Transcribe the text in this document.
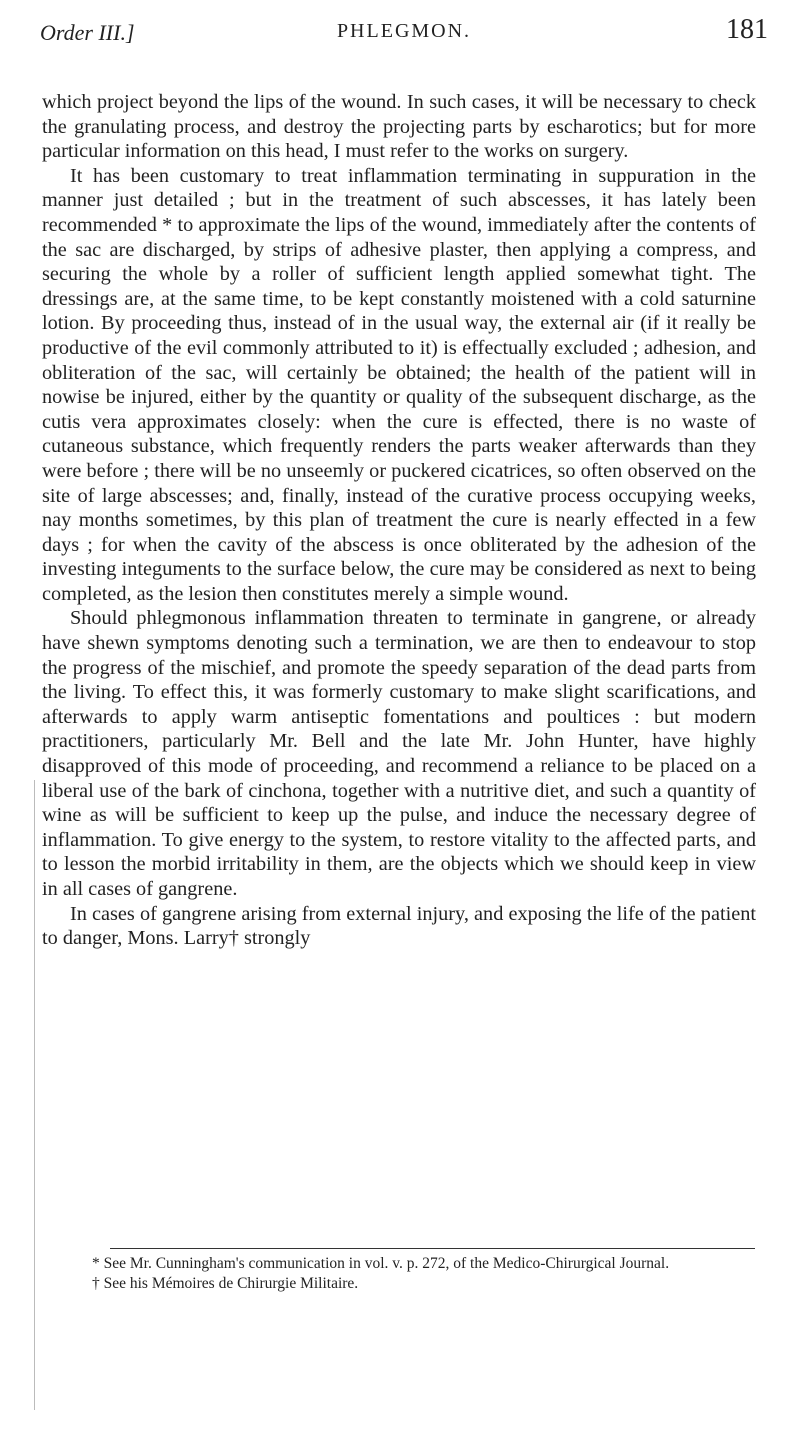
Order III.]	PHLEGMON.	181

which project beyond the lips of the wound. In such cases, it will be necessary to check the granulating process, and destroy the projecting parts by escharotics; but for more particular information on this head, I must refer to the works on surgery.

It has been customary to treat inflammation terminating in suppuration in the manner just detailed ; but in the treatment of such abscesses, it has lately been recommended * to approximate the lips of the wound, immediately after the contents of the sac are discharged, by strips of adhesive plaster, then applying a compress, and securing the whole by a roller of sufficient length applied somewhat tight. The dressings are, at the same time, to be kept constantly moistened with a cold saturnine lotion. By proceeding thus, instead of in the usual way, the external air (if it really be productive of the evil commonly attributed to it) is effectually excluded ; adhesion, and obliteration of the sac, will certainly be obtained; the health of the patient will in nowise be injured, either by the quantity or quality of the subsequent discharge, as the cutis vera approximates closely: when the cure is effected, there is no waste of cutaneous substance, which frequently renders the parts weaker afterwards than they were before ; there will be no unseemly or puckered cicatrices, so often observed on the site of large abscesses; and, finally, instead of the curative process occupying weeks, nay months sometimes, by this plan of treatment the cure is nearly effected in a few days ; for when the cavity of the abscess is once obliterated by the adhesion of the investing integuments to the surface below, the cure may be considered as next to being completed, as the lesion then constitutes merely a simple wound.

Should phlegmonous inflammation threaten to terminate in gangrene, or already have shewn symptoms denoting such a termination, we are then to endeavour to stop the progress of the mischief, and promote the speedy separation of the dead parts from the living. To effect this, it was formerly customary to make slight scarifications, and afterwards to apply warm antiseptic fomentations and poultices : but modern practitioners, particularly Mr. Bell and the late Mr. John Hunter, have highly disapproved of this mode of proceeding, and recommend a reliance to be placed on a liberal use of the bark of cinchona, together with a nutritive diet, and such a quantity of wine as will be sufficient to keep up the pulse, and induce the necessary degree of inflammation. To give energy to the system, to restore vitality to the affected parts, and to lesson the morbid irritability in them, are the objects which we should keep in view in all cases of gangrene.

In cases of gangrene arising from external injury, and exposing the life of the patient to danger, Mons. Larry† strongly

* See Mr. Cunningham's communication in vol. v. p. 272, of the Medico-Chirurgical Journal.

† See his Mémoires de Chirurgie Militaire.
